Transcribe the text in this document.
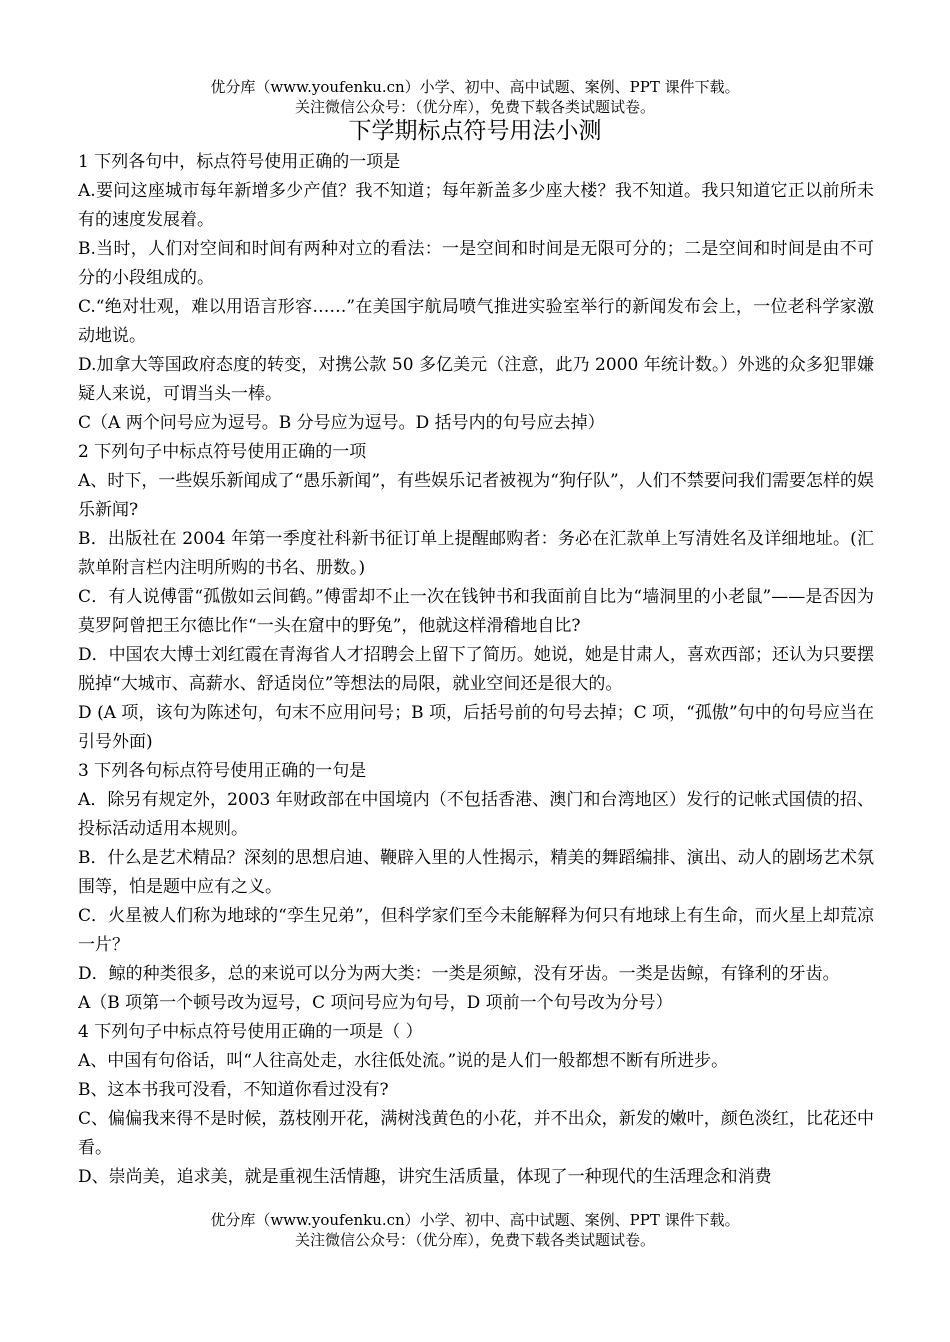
优分库（www.youfenku.cn）小学、初中、高中试题、案例、PPT 课件下载。
关注微信公众号：（优分库），免费下载各类试题试卷。
下学期标点符号用法小测

1 下列各句中，标点符号使用正确的一项是

A.要问这座城市每年新增多少产值？我不知道；每年新盖多少座大楼？我不知道。我只知道它正以前所未有的速度发展着。

B.当时，人们对空间和时间有两种对立的看法：一是空间和时间是无限可分的；二是空间和时间是由不可分的小段组成的。

C.“绝对壮观，难以用语言形容……”在美国宇航局喷气推进实验室举行的新闻发布会上，一位老科学家激动地说。

D.加拿大等国政府态度的转变，对携公款 50 多亿美元（注意，此乃 2000 年统计数。）外逃的众多犯罪嫌疑人来说，可谓当头一棒。

C（A 两个问号应为逗号。B 分号应为逗号。D 括号内的句号应去掉）

2 下列句子中标点符号使用正确的一项

A、时下，一些娱乐新闻成了“愚乐新闻”，有些娱乐记者被视为“狗仔队”，人们不禁要问我们需要怎样的娱乐新闻?

B．出版社在 2004 年第一季度社科新书征订单上提醒邮购者：务必在汇款单上写清姓名及详细地址。(汇款单附言栏内注明所购的书名、册数。)

C．有人说傅雷“孤傲如云间鹤。”傅雷却不止一次在钱钟书和我面前自比为“墙洞里的小老鼠”——是否因为莫罗阿曾把王尔德比作“一头在窟中的野兔”，他就这样滑稽地自比?

D．中国农大博士刘红霞在青海省人才招聘会上留下了简历。她说，她是甘肃人，喜欢西部；还认为只要摆脱掉“大城市、高薪水、舒适岗位”等想法的局限，就业空间还是很大的。

D (A 项，该句为陈述句，句末不应用问号；B 项，后括号前的句号去掉；C 项，“孤傲”句中的句号应当在引号外面)

3 下列各句标点符号使用正确的一句是

A．除另有规定外，2003 年财政部在中国境内（不包括香港、澳门和台湾地区）发行的记帐式国债的招、投标活动适用本规则。

B．什么是艺术精品？深刻的思想启迪、鞭辟入里的人性揭示，精美的舞蹈编排、演出、动人的剧场艺术氛围等，怕是题中应有之义。

C．火星被人们称为地球的“孪生兄弟”，但科学家们至今未能解释为何只有地球上有生命，而火星上却荒凉一片？

D．鲸的种类很多，总的来说可以分为两大类：一类是须鲸，没有牙齿。一类是齿鲸，有锋利的牙齿。

A（B 项第一个顿号改为逗号，C 项问号应为句号，D 项前一个句号改为分号）

4 下列句子中标点符号使用正确的一项是（ ）

A、中国有句俗话，叫“人往高处走，水往低处流。”说的是人们一般都想不断有所进步。

B、这本书我可没看，不知道你看过没有?

C、偏偏我来得不是时候，荔枝刚开花，满树浅黄色的小花，并不出众，新发的嫩叶，颜色淡红，比花还中看。

D、崇尚美，追求美，就是重视生活情趣，讲究生活质量，体现了一种现代的生活理念和消费

优分库（www.youfenku.cn）小学、初中、高中试题、案例、PPT 课件下载。
关注微信公众号：（优分库），免费下载各类试题试卷。
